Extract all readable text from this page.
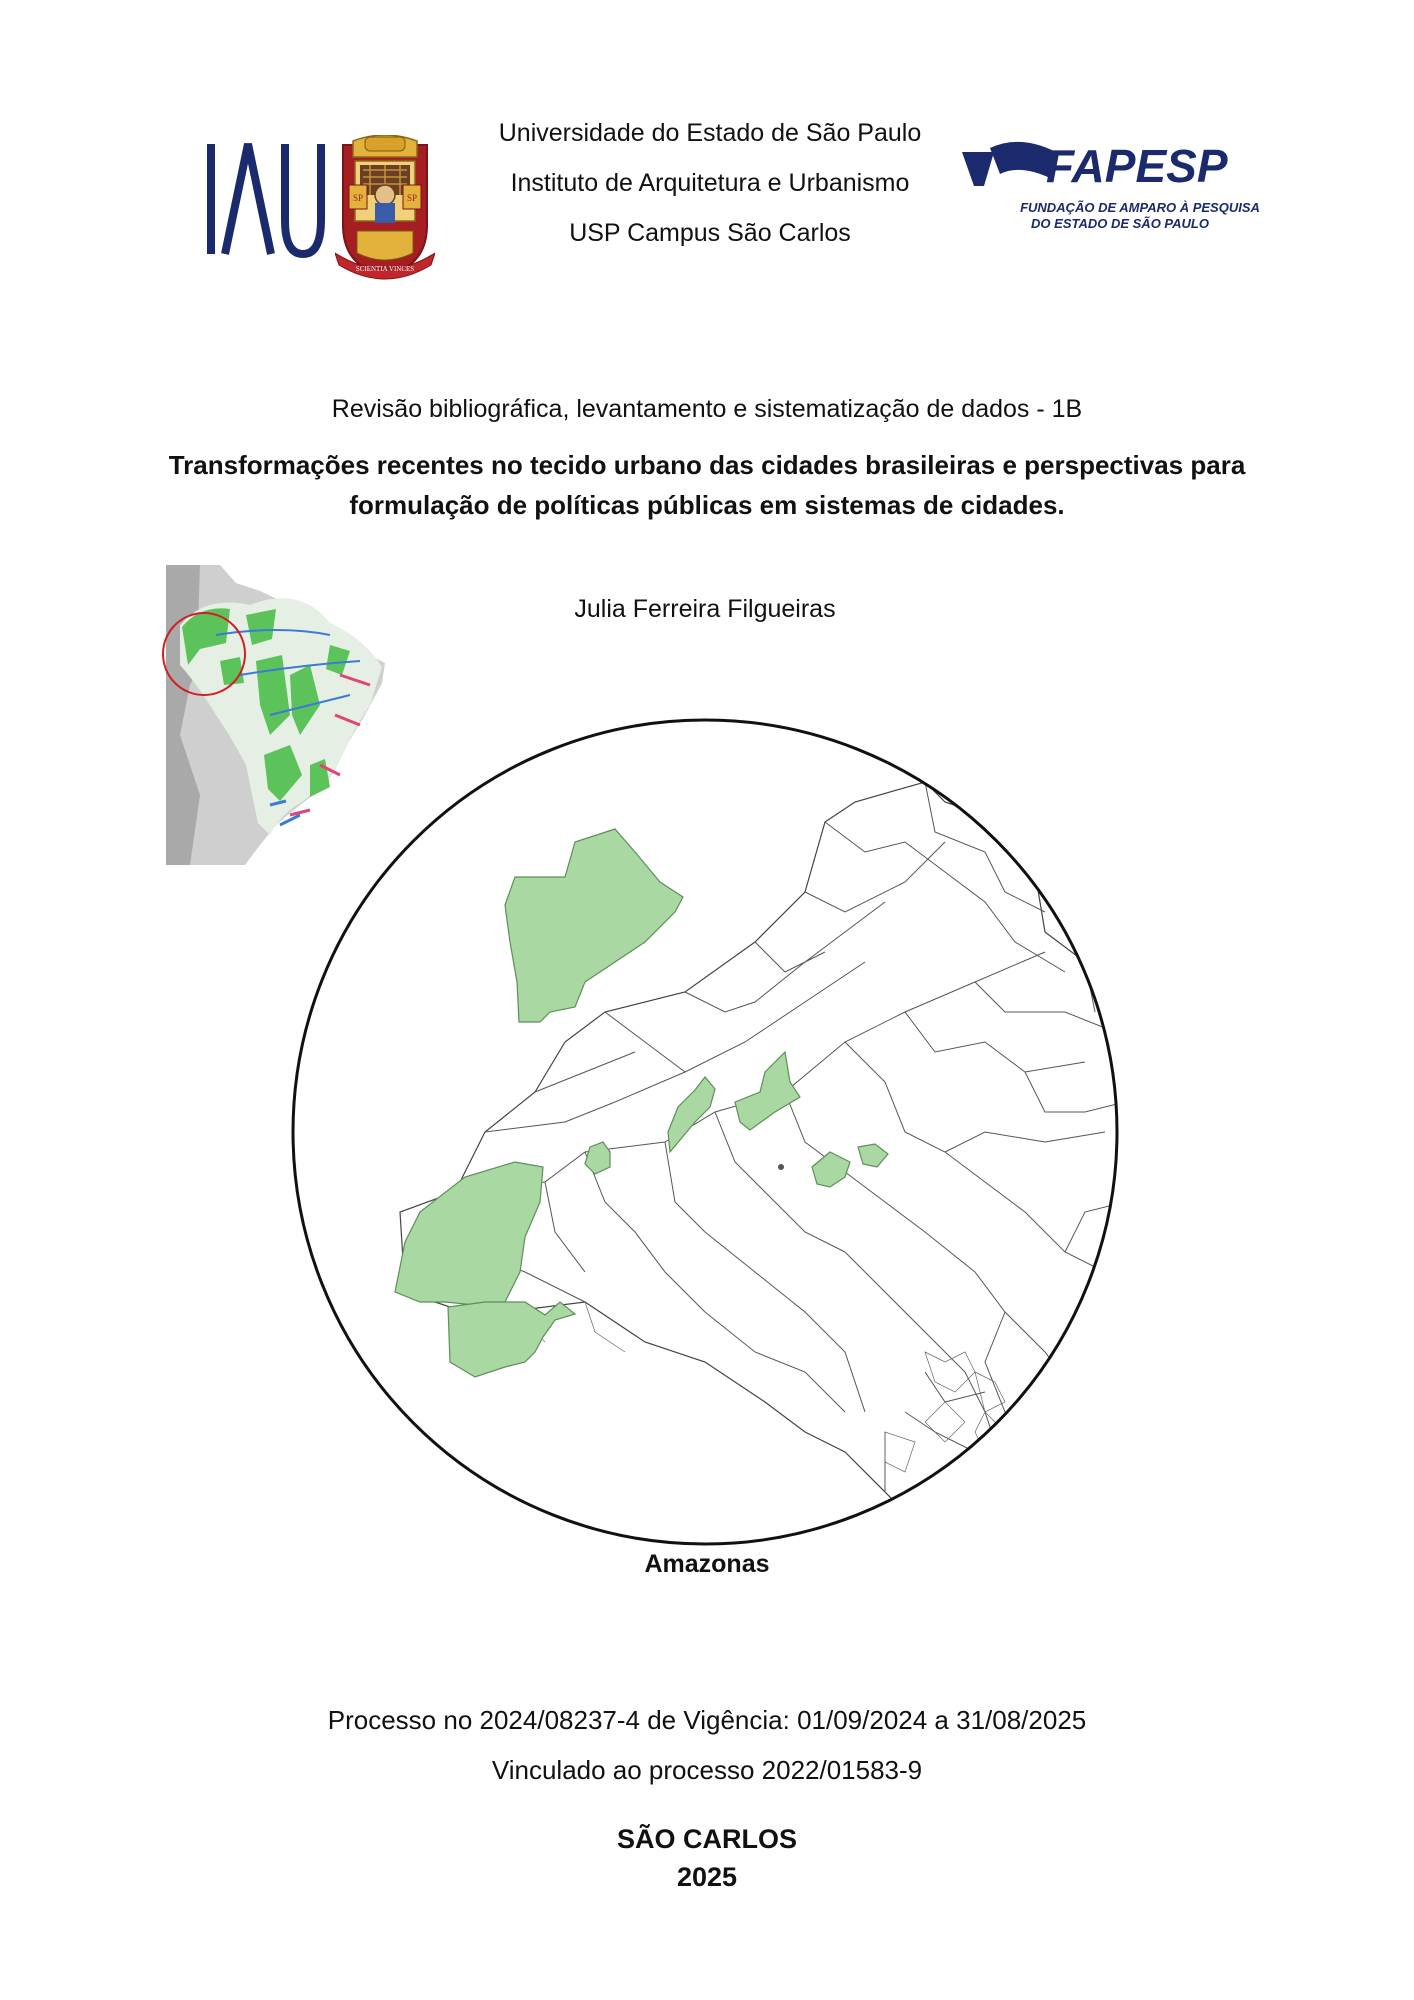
SP	SP
SCIENTIA VINCES
Universidade do Estado de São Paulo
Instituto de Arquitetura e Urbanismo
USP Campus São Carlos
FAPESP
FUNDAÇÃO DE AMPARO À PESQUISA
DO ESTADO DE SÃO PAULO
Revisão bibliográfica, levantamento e sistematização de dados - 1B
Transformações recentes no tecido urbano das cidades brasileiras e perspectivas para
formulação de políticas públicas em sistemas de cidades.
Julia Ferreira Filgueiras
Amazonas
Processo no 2024/08237-4 de Vigência: 01/09/2024 a 31/08/2025
Vinculado ao processo 2022/01583-9
SÃO CARLOS
2025
